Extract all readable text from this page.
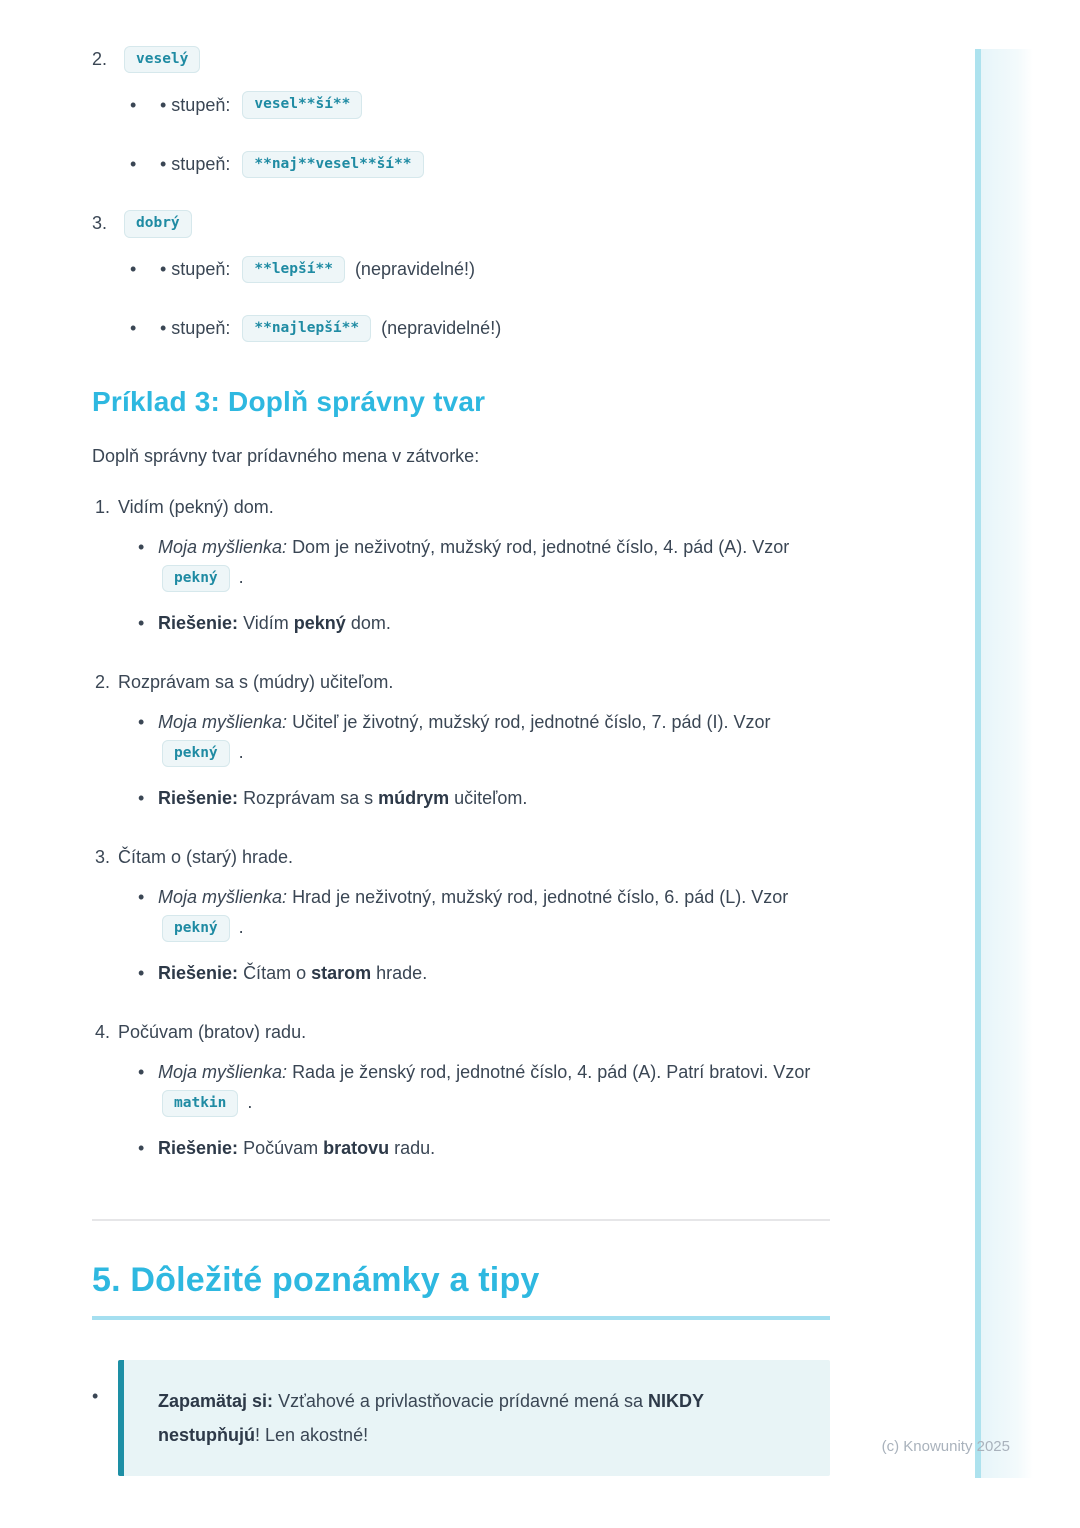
2.	veselý
•	• stupeň:	vesel**ší**
•	• stupeň:	**naj**vesel**ší**
3.	dobrý
•	• stupeň:	**lepší**	(nepravidelné!)
•	• stupeň:	**najlepší**	(nepravidelné!)
Príklad 3: Doplň správny tvar

Doplň správny tvar prídavného mena v zátvorke:

1. Vidím (pekný) dom.
• Moja myšlienka: Dom je neživotný, mužský rod, jednotné číslo, 4. pád (A). Vzor pekný .
• Riešenie: Vidím pekný dom.
2. Rozprávam sa s (múdry) učiteľom.
• Moja myšlienka: Učiteľ je životný, mužský rod, jednotné číslo, 7. pád (I). Vzor pekný .
• Riešenie: Rozprávam sa s múdrym učiteľom.
3. Čítam o (starý) hrade.
• Moja myšlienka: Hrad je neživotný, mužský rod, jednotné číslo, 6. pád (L). Vzor pekný .
• Riešenie: Čítam o starom hrade.
4. Počúvam (bratov) radu.
• Moja myšlienka: Rada je ženský rod, jednotné číslo, 4. pád (A). Patrí bratovi. Vzor matkin .
• Riešenie: Počúvam bratovu radu.
5. Dôležité poznámky a tipy
•	Zapamätaj si: Vzťahové a privlastňovacie prídavné mená sa NIKDY nestupňujú! Len akostné!

(c) Knowunity 2025
